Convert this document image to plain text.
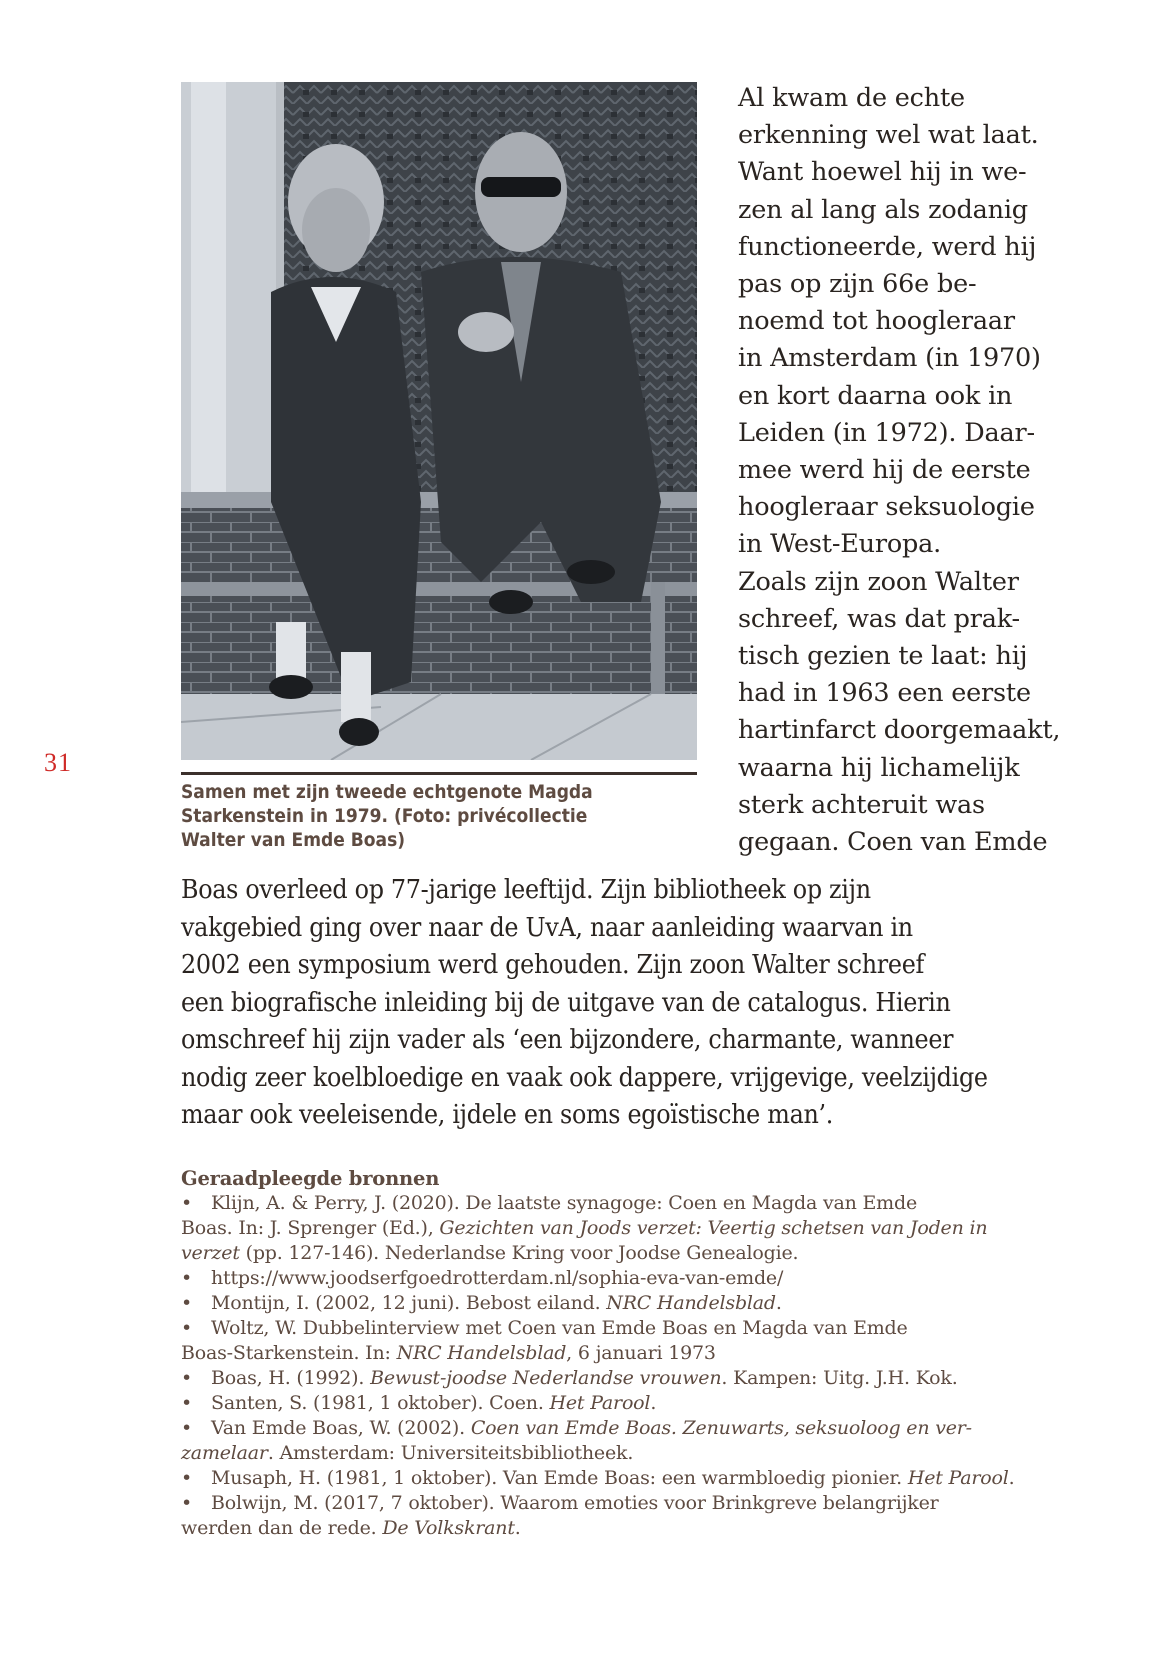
31
Samen met zijn tweede echtgenote Magda
Starkenstein in 1979. (Foto: privécollectie
Walter van Emde Boas)
Al kwam de echte
erkenning wel wat laat.
Want hoewel hij in we-
zen al lang als zodanig
functioneerde, werd hij
pas op zijn 66e be-
noemd tot hoogleraar
in Amsterdam (in 1970)
en kort daarna ook in
Leiden (in 1972). Daar-
mee werd hij de eerste
hoogleraar seksuologie
in West-Europa.
Zoals zijn zoon Walter
schreef, was dat prak-
tisch gezien te laat: hij
had in 1963 een eerste
hartinfarct doorgemaakt,
waarna hij lichamelijk
sterk achteruit was
gegaan. Coen van Emde
Boas overleed op 77-jarige leeftijd. Zijn bibliotheek op zijn
vakgebied ging over naar de UvA, naar aanleiding waarvan in
2002 een symposium werd gehouden. Zijn zoon Walter schreef
een biografische inleiding bij de uitgave van de catalogus. Hierin
omschreef hij zijn vader als ‘een bijzondere, charmante, wanneer
nodig zeer koelbloedige en vaak ook dappere, vrijgevige, veelzijdige
maar ook veeleisende, ijdele en soms egoïstische man’.
Geraadpleegde bronnen
• Klijn, A. & Perry, J. (2020). De laatste synagoge: Coen en Magda van Emde
Boas. In: J. Sprenger (Ed.), Gezichten van Joods verzet: Veertig schetsen van Joden in
verzet (pp. 127-146). Nederlandse Kring voor Joodse Genealogie.
• https://www.joodserfgoedrotterdam.nl/sophia-eva-van-emde/
• Montijn, I. (2002, 12 juni). Bebost eiland. NRC Handelsblad.
• Woltz, W. Dubbelinterview met Coen van Emde Boas en Magda van Emde
Boas-Starkenstein. In: NRC Handelsblad, 6 januari 1973
• Boas, H. (1992). Bewust-joodse Nederlandse vrouwen. Kampen: Uitg. J.H. Kok.
• Santen, S. (1981, 1 oktober). Coen. Het Parool.
• Van Emde Boas, W. (2002). Coen van Emde Boas. Zenuwarts, seksuoloog en ver-
zamelaar. Amsterdam: Universiteitsbibliotheek.
• Musaph, H. (1981, 1 oktober). Van Emde Boas: een warmbloedig pionier. Het Parool.
• Bolwijn, M. (2017, 7 oktober). Waarom emoties voor Brinkgreve belangrijker
werden dan de rede. De Volkskrant.
